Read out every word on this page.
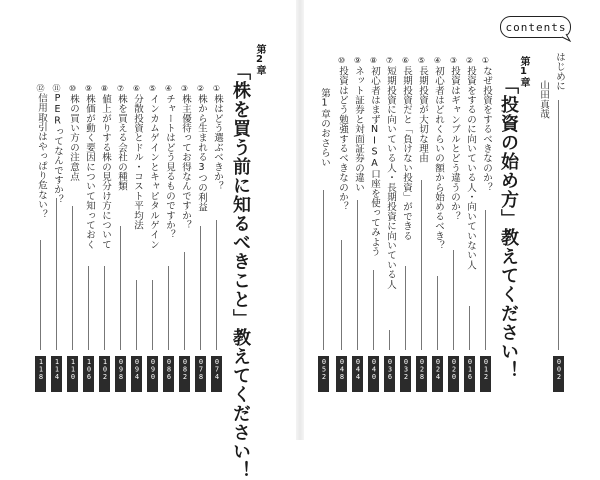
contents
はじめに
002
山田真哉
第1章
「投資の始め方」教えてください！
①
なぜ投資をするべきなのか？
012
②
投資をするのに向いている人・向いていない人
016
③
投資はギャンブルとどう違うのか？
020
④
初心者はどれくらいの額から始めるべき？
024
⑤
長期投資が大切な理由
028
⑥
長期投資だと「負けない投資」ができる
032
⑦
短期投資に向いている人・長期投資に向いている人
036
⑧
初心者はまずNISA口座を使ってみよう
040
⑨
ネット証券と対面証券の違い
044
⑩
投資はどう勉強するべきなのか？
048
第1章のおさらい
052
第2章
「株を買う前に知るべきこと」教えてください！
①
株はどう選ぶべきか？
074
②
株から生まれる3つの利益
078
③
株主優待ってお得なんですか？
082
④
チャートはどう見るものですか？
086
⑤
インカムゲインとキャピタルゲイン
090
⑥
分散投資とドル・コスト平均法
094
⑦
株を買える会社の種類
098
⑧
値上がりする株の見分け方について
102
⑨
株価が動く要因について知っておく
106
⑩
株の買い方の注意点
110
⑪
PERってなんですか？
114
⑫
信用取引はやっぱり危ない？
118
